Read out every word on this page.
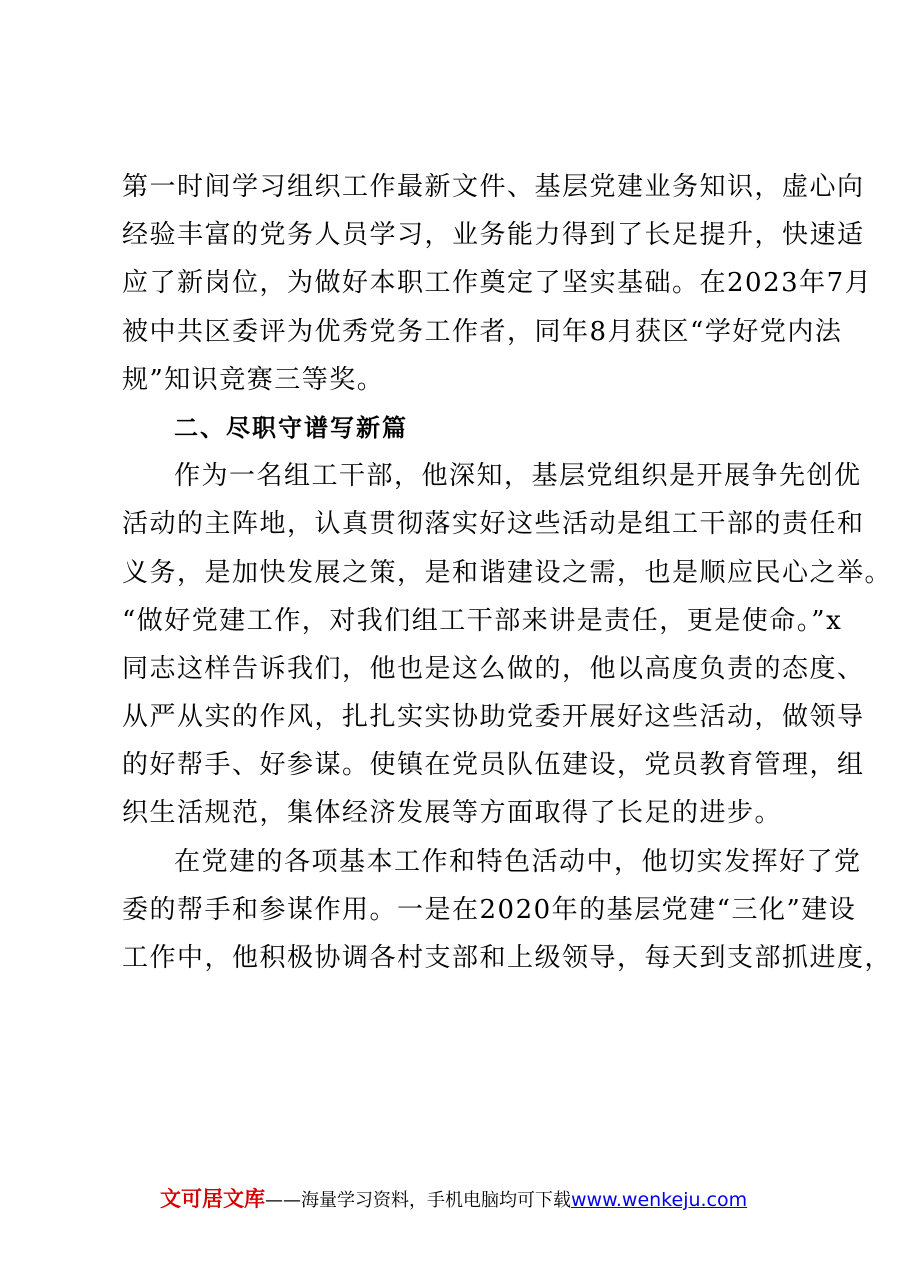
第一时间学习组织工作最新文件、基层党建业务知识，虚心向
经验丰富的党务人员学习，业务能力得到了长足提升，快速适
应了新岗位，为做好本职工作奠定了坚实基础。在2023年7月
被中共区委评为优秀党务工作者，同年8月获区“学好党内法
规”知识竞赛三等奖。
二、尽职守谱写新篇
作为一名组工干部，他深知，基层党组织是开展争先创优
活动的主阵地，认真贯彻落实好这些活动是组工干部的责任和
义务，是加快发展之策，是和谐建设之需，也是顺应民心之举。
“做好党建工作，对我们组工干部来讲是责任，更是使命。”x
同志这样告诉我们，他也是这么做的，他以高度负责的态度、
从严从实的作风，扎扎实实协助党委开展好这些活动，做领导
的好帮手、好参谋。使镇在党员队伍建设，党员教育管理，组
织生活规范，集体经济发展等方面取得了长足的进步。
在党建的各项基本工作和特色活动中，他切实发挥好了党
委的帮手和参谋作用。一是在2020年的基层党建“三化”建设
工作中，他积极协调各村支部和上级领导，每天到支部抓进度，
文可居文库——海量学习资料，手机电脑均可下载www.wenkeju.com
